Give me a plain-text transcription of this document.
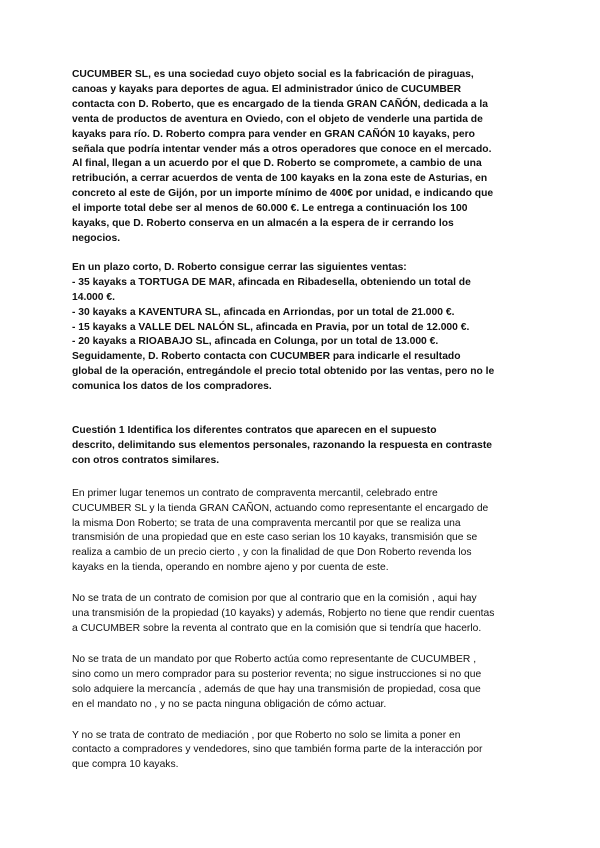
CUCUMBER SL, es una sociedad cuyo objeto social es la fabricación de piraguas,
canoas y kayaks para deportes de agua. El administrador único de CUCUMBER
contacta con D. Roberto, que es encargado de la tienda GRAN CAÑÓN, dedicada a la
venta de productos de aventura en Oviedo, con el objeto de venderle una partida de
kayaks para río. D. Roberto compra para vender en GRAN CAÑÓN 10 kayaks, pero
señala que podría intentar vender más a otros operadores que conoce en el mercado.
Al final, llegan a un acuerdo por el que D. Roberto se compromete, a cambio de una
retribución, a cerrar acuerdos de venta de 100 kayaks en la zona este de Asturias, en
concreto al este de Gijón, por un importe mínimo de 400€ por unidad, e indicando que
el importe total debe ser al menos de 60.000 €. Le entrega a continuación los 100
kayaks, que D. Roberto conserva en un almacén a la espera de ir cerrando los
negocios.

En un plazo corto, D. Roberto consigue cerrar las siguientes ventas:
- 35 kayaks a TORTUGA DE MAR, afincada en Ribadesella, obteniendo un total de
14.000 €.
- 30 kayaks a KAVENTURA SL, afincada en Arriondas, por un total de 21.000 €.
- 15 kayaks a VALLE DEL NALÓN SL, afincada en Pravia, por un total de 12.000 €.
- 20 kayaks a RIOABAJO SL, afincada en Colunga, por un total de 13.000 €.
Seguidamente, D. Roberto contacta con CUCUMBER para indicarle el resultado
global de la operación, entregándole el precio total obtenido por las ventas, pero no le
comunica los datos de los compradores.

Cuestión 1 Identifica los diferentes contratos que aparecen en el supuesto
descrito, delimitando sus elementos personales, razonando la respuesta en contraste
con otros contratos similares.

En primer lugar tenemos un contrato de compraventa mercantil, celebrado entre
CUCUMBER SL y la tienda GRAN CAÑON, actuando como representante el encargado de
la misma Don Roberto; se trata de una compraventa mercantil por que se realiza una
transmisión de una propiedad que en este caso serian los 10 kayaks, transmisión que se
realiza a cambio de un precio cierto , y con la finalidad de que Don Roberto revenda los
kayaks en la tienda, operando en nombre ajeno y por cuenta de este.

No se trata de un contrato de comision por que al contrario que en la comisión , aqui hay
una transmisión de la propiedad (10 kayaks) y además, Robjerto no tiene que rendir cuentas
a CUCUMBER sobre la reventa al contrato que en la comisión que si tendría que hacerlo.

No se trata de un mandato por que Roberto actúa como representante de CUCUMBER ,
sino como un mero comprador para su posterior reventa; no sigue instrucciones si no que
solo adquiere la mercancía , además de que hay una transmisión de propiedad, cosa que
en el mandato no , y no se pacta ninguna obligación de cómo actuar.

Y no se trata de contrato de mediación , por que Roberto no solo se limita a poner en
contacto a compradores y vendedores, sino que también forma parte de la interacción por
que compra 10 kayaks.
